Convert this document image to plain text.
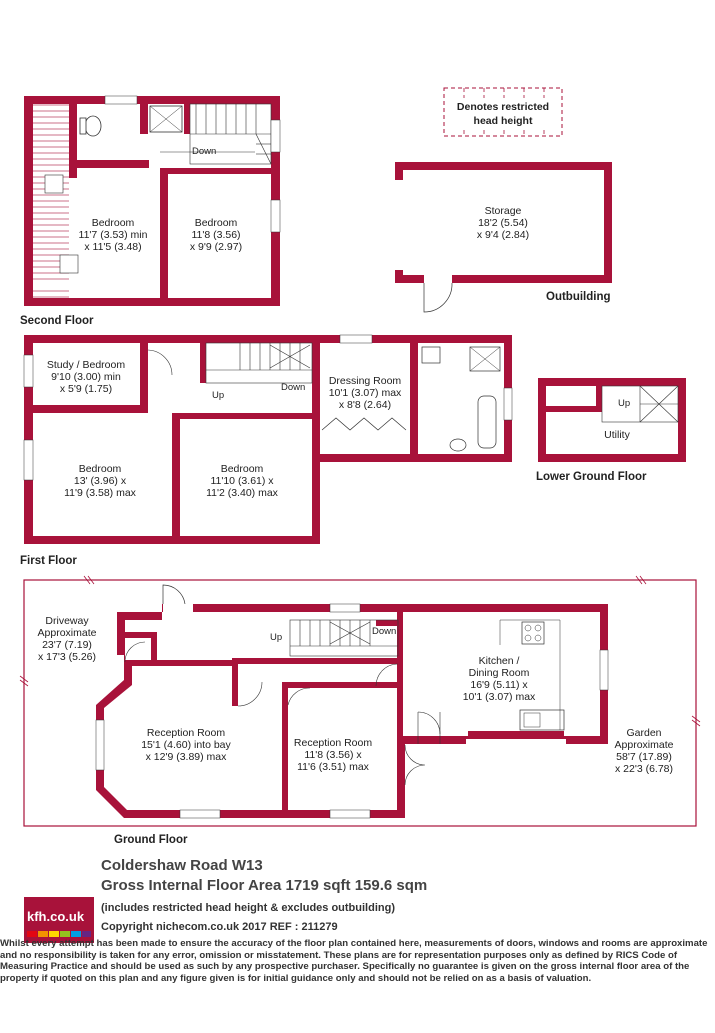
Denotes restricted
head height
Down
Bedroom
11'7 (3.53) min
x 11'5 (3.48)
Bedroom
11'8 (3.56)
x 9'9 (2.97)
Second Floor
Storage
18'2 (5.54)
x 9'4 (2.84)
Outbuilding
Up
Down
Study / Bedroom
9'10 (3.00) min
x 5'9 (1.75)
Bedroom
13' (3.96) x
11'9 (3.58) max
Bedroom
11'10 (3.61) x
11'2 (3.40) max
Dressing Room
10'1 (3.07) max
x 8'8 (2.64)
First Floor
Up
Utility
Lower Ground Floor
Up
Down
Driveway
Approximate
23'7 (7.19)
x 17'3 (5.26)	Kitchen /
Dining Room
16'9 (5.11) x
10'1 (3.07) max
Reception Room
15'1 (4.60) into bay
x 12'9 (3.89) max
Reception Room
11'8 (3.56) x
11'6 (3.51) max
Garden
Approximate
58'7 (17.89)
x 22'3 (6.78)
Ground Floor
Coldershaw Road W13
Gross Internal Floor Area 1719 sqft 159.6 sqm
kfh.co.uk
(includes restricted head height & excludes outbuilding)
Copyright nichecom.co.uk 2017 REF : 211279
Whilst every attempt has been made to ensure the accuracy of the floor plan contained here, measurements of doors, windows and rooms are approximate and no responsibility is taken for any error, omission or misstatement. These plans are for representation purposes only as defined by RICS Code of Measuring Practice and should be used as such by any prospective purchaser. Specifically no guarantee is given on the gross internal floor area of the property if quoted on this plan and any figure given is for initial guidance only and should not be relied on as a basis of valuation.
